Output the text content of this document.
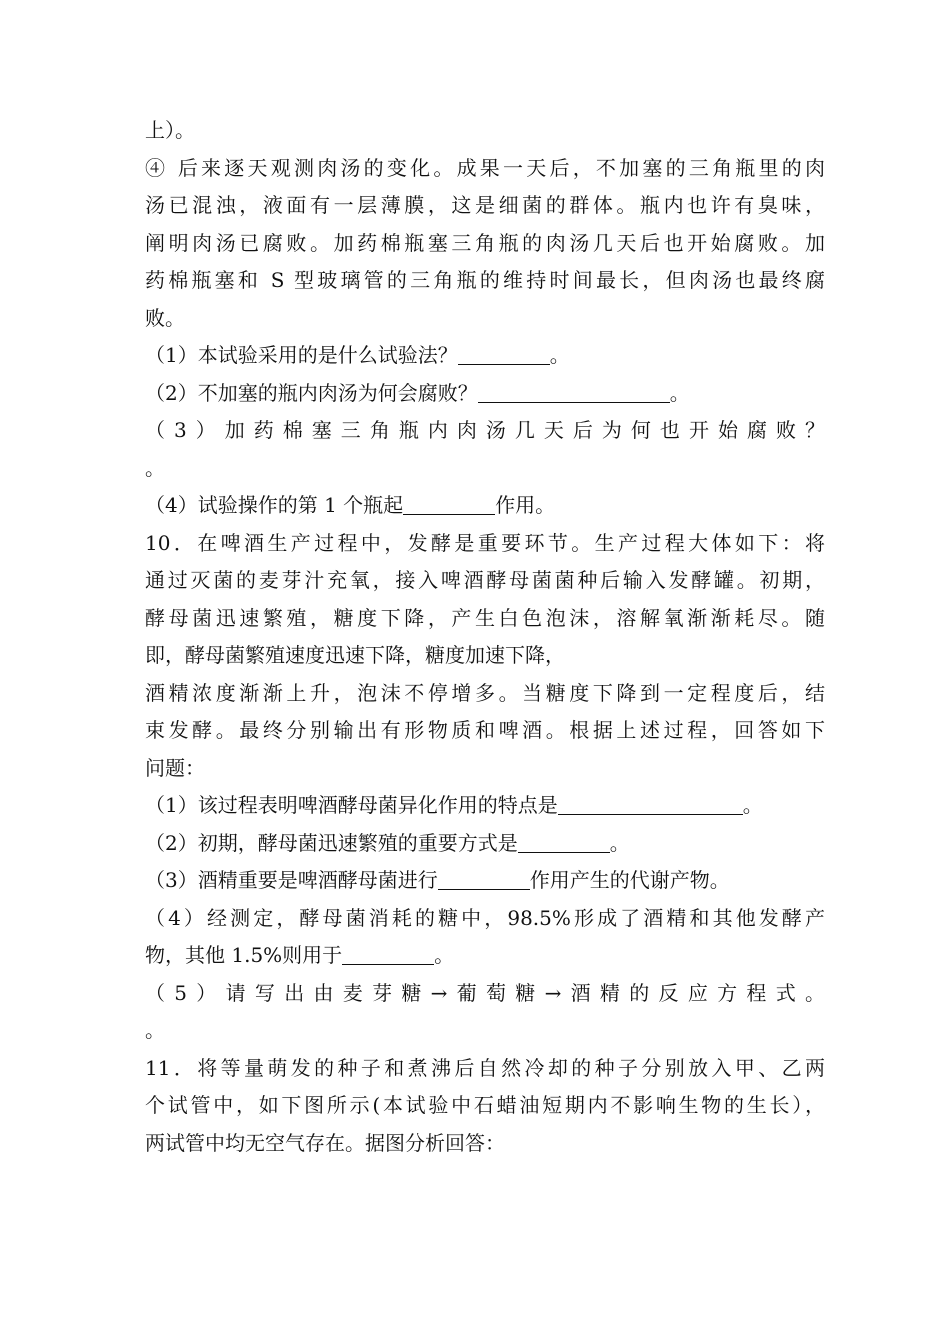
上）。
④ 后来逐天观测肉汤的变化。成果一天后，不加塞的三角瓶里的肉
汤已混浊，液面有一层薄膜，这是细菌的群体。瓶内也许有臭味，
阐明肉汤已腐败。加药棉瓶塞三角瓶的肉汤几天后也开始腐败。加
药棉瓶塞和 S 型玻璃管的三角瓶的维持时间最长，但肉汤也最终腐
败。
（1）本试验采用的是什么试验法？	。
（2）不加塞的瓶内肉汤为何会腐败？	。
（3）加药棉塞三角瓶内肉汤几天后为何也开始腐败？
。
（4）试验操作的第 1 个瓶起	作用。
10．在啤酒生产过程中，发酵是重要环节。生产过程大体如下：将
通过灭菌的麦芽汁充氧，接入啤酒酵母菌菌种后输入发酵罐。初期，
酵母菌迅速繁殖，糖度下降，产生白色泡沫，溶解氧渐渐耗尽。随
即，酵母菌繁殖速度迅速下降，糖度加速下降，
酒精浓度渐渐上升，泡沫不停增多。当糖度下降到一定程度后，结
束发酵。最终分别输出有形物质和啤酒。根据上述过程，回答如下
问题：
（1）该过程表明啤酒酵母菌异化作用的特点是	。
（2）初期，酵母菌迅速繁殖的重要方式是	。
（3）酒精重要是啤酒酵母菌进行	作用产生的代谢产物。
（4）经测定，酵母菌消耗的糖中，98.5%形成了酒精和其他发酵产
物，其他 1.5%则用于	。
（5）请写出由麦芽糖→葡萄糖→酒精的反应方程式。
。
11．将等量萌发的种子和煮沸后自然冷却的种子分别放入甲、乙两
个试管中，如下图所示(本试验中石蜡油短期内不影响生物的生长），
两试管中均无空气存在。据图分析回答：
